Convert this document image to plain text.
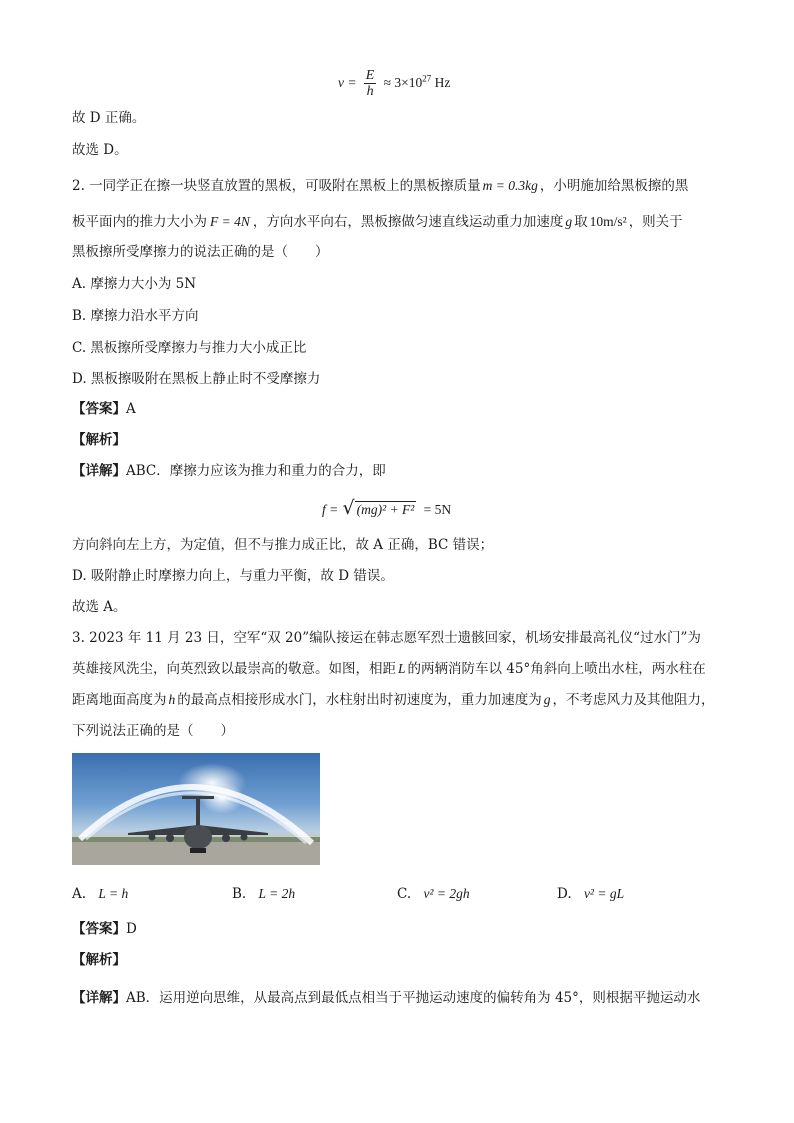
$\nu = \frac{E}{h} \approx 3\times 10^{27}$ Hz
故 D 正确。
故选 D。
2. 一同学正在擦一块竖直放置的黑板，可吸附在黑板上的黑板擦质量 m = 0.3kg ，小明施加给黑板擦的黑
板平面内的推力大小为 F = 4N ，方向水平向右，黑板擦做匀速直线运动重力加速度 g 取 10m/s² ，则关于
黑板擦所受摩擦力的说法正确的是（　　）
A. 摩擦力大小为 5N
B. 摩擦力沿水平方向
C. 黑板擦所受摩擦力与推力大小成正比
D. 黑板擦吸附在黑板上静止时不受摩擦力
【答案】A
【解析】
【详解】ABC．摩擦力应该为推力和重力的合力，即
f = √ (mg)² + F² = 5N
方向斜向左上方，为定值，但不与推力成正比，故 A 正确，BC 错误；
D. 吸附静止时摩擦力向上，与重力平衡，故 D 错误。
故选 A。
3. 2023 年 11 月 23 日，空军“双 20”编队接运在韩志愿军烈士遗骸回家，机场安排最高礼仪“过水门”为
英雄接风洗尘，向英烈致以最崇高的敬意。如图，相距 L 的两辆消防车以 45°角斜向上喷出水柱，两水柱在
距离地面高度为 h 的最高点相接形成水门，水柱射出时初速度为，重力加速度为 g ，不考虑风力及其他阻力，
下列说法正确的是（　　）
A. L = h	B. L = 2h	C. v² = 2gh	D. v² = gL
【答案】D
【解析】
【详解】AB．运用逆向思维，从最高点到最低点相当于平抛运动速度的偏转角为 45°，则根据平抛运动水
